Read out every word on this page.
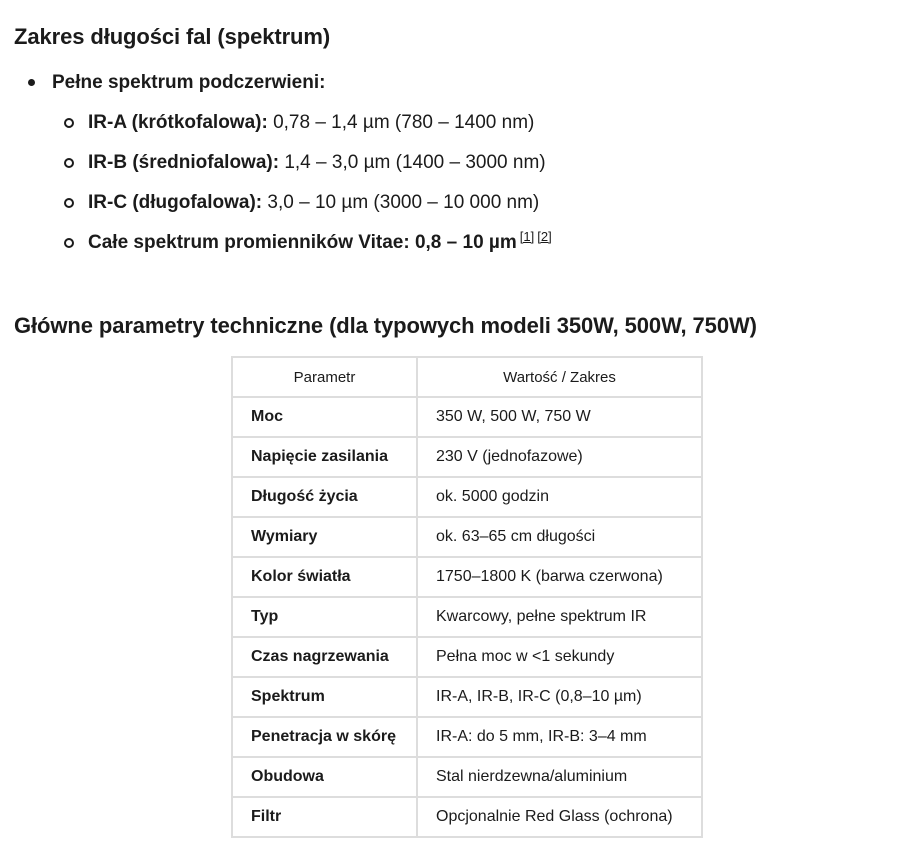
Zakres długości fal (spektrum)
Pełne spektrum podczerwieni:
IR-A (krótkofalowa): 0,78 – 1,4 µm (780 – 1400 nm)
IR-B (średniofalowa): 1,4 – 3,0 µm (1400 – 3000 nm)
IR-C (długofalowa): 3,0 – 10 µm (3000 – 10 000 nm)
Całe spektrum promienników Vitae: 0,8 – 10 µm [1] [2]
Główne parametry techniczne (dla typowych modeli 350W, 500W, 750W)
Parametr	Wartość / Zakres
Moc	350 W, 500 W, 750 W
Napięcie zasilania	230 V (jednofazowe)
Długość życia	ok. 5000 godzin
Wymiary	ok. 63–65 cm długości
Kolor światła	1750–1800 K (barwa czerwona)
Typ	Kwarcowy, pełne spektrum IR
Czas nagrzewania	Pełna moc w <1 sekundy
Spektrum	IR-A, IR-B, IR-C (0,8–10 µm)
Penetracja w skórę	IR-A: do 5 mm, IR-B: 3–4 mm
Obudowa	Stal nierdzewna/aluminium
Filtr	Opcjonalnie Red Glass (ochrona)
